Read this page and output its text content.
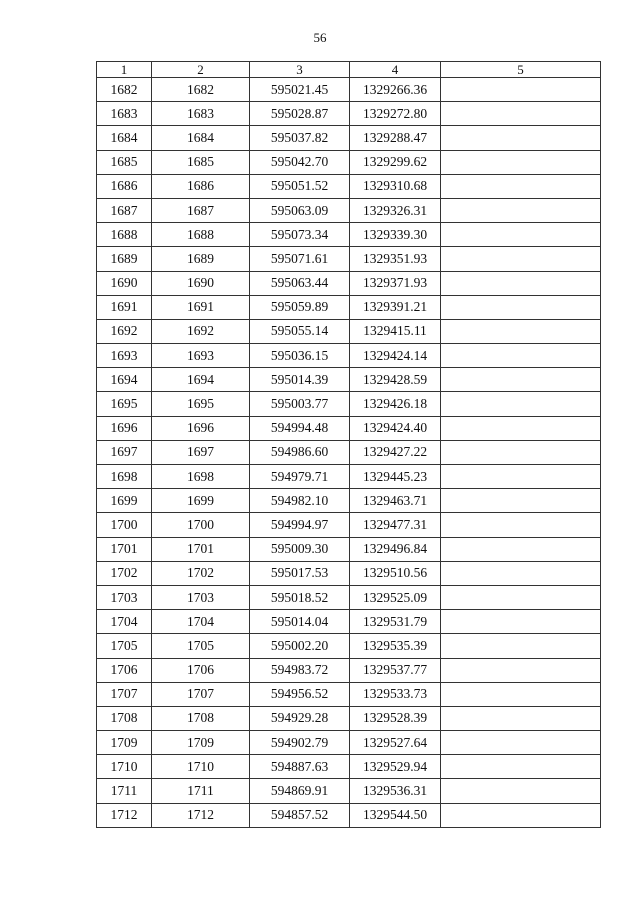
56
1	2	3	4	5
1682	1682	595021.45	1329266.36	
1683	1683	595028.87	1329272.80	
1684	1684	595037.82	1329288.47	
1685	1685	595042.70	1329299.62	
1686	1686	595051.52	1329310.68	
1687	1687	595063.09	1329326.31	
1688	1688	595073.34	1329339.30	
1689	1689	595071.61	1329351.93	
1690	1690	595063.44	1329371.93	
1691	1691	595059.89	1329391.21	
1692	1692	595055.14	1329415.11	
1693	1693	595036.15	1329424.14	
1694	1694	595014.39	1329428.59	
1695	1695	595003.77	1329426.18	
1696	1696	594994.48	1329424.40	
1697	1697	594986.60	1329427.22	
1698	1698	594979.71	1329445.23	
1699	1699	594982.10	1329463.71	
1700	1700	594994.97	1329477.31	
1701	1701	595009.30	1329496.84	
1702	1702	595017.53	1329510.56	
1703	1703	595018.52	1329525.09	
1704	1704	595014.04	1329531.79	
1705	1705	595002.20	1329535.39	
1706	1706	594983.72	1329537.77	
1707	1707	594956.52	1329533.73	
1708	1708	594929.28	1329528.39	
1709	1709	594902.79	1329527.64	
1710	1710	594887.63	1329529.94	
1711	1711	594869.91	1329536.31	
1712	1712	594857.52	1329544.50	
